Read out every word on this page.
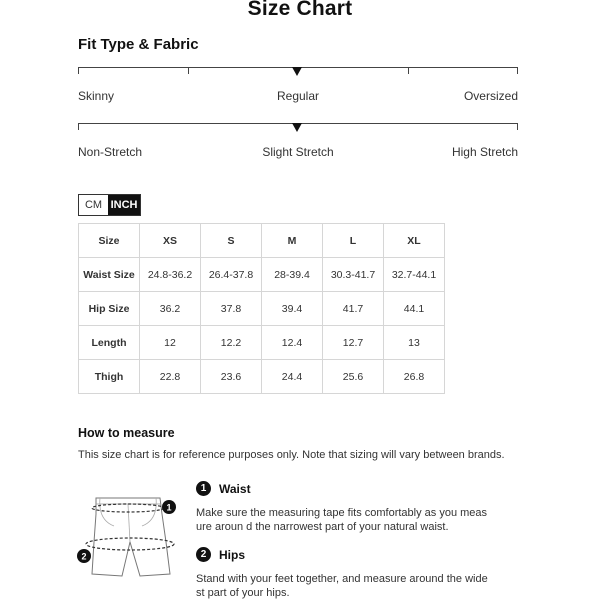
Size Chart
Fit Type & Fabric
Skinny	Regular	Oversized
Non-Stretch	Slight Stretch	High Stretch
CM INCH
Size	XS	S	M	L	XL
Waist Size	24.8-36.2	26.4-37.8	28-39.4	30.3-41.7	32.7-44.1
Hip Size	36.2	37.8	39.4	41.7	44.1
Length	12	12.2	12.4	12.7	13
Thigh	22.8	23.6	24.4	25.6	26.8
How to measure
This size chart is for reference purposes only. Note that sizing will vary between brands.
1
2
1	Waist
Make sure the measuring tape fits comfortably as you measure aroun d the narrowest part of your natural waist.
2	Hips
Stand with your feet together, and measure around the widest part of your hips.
